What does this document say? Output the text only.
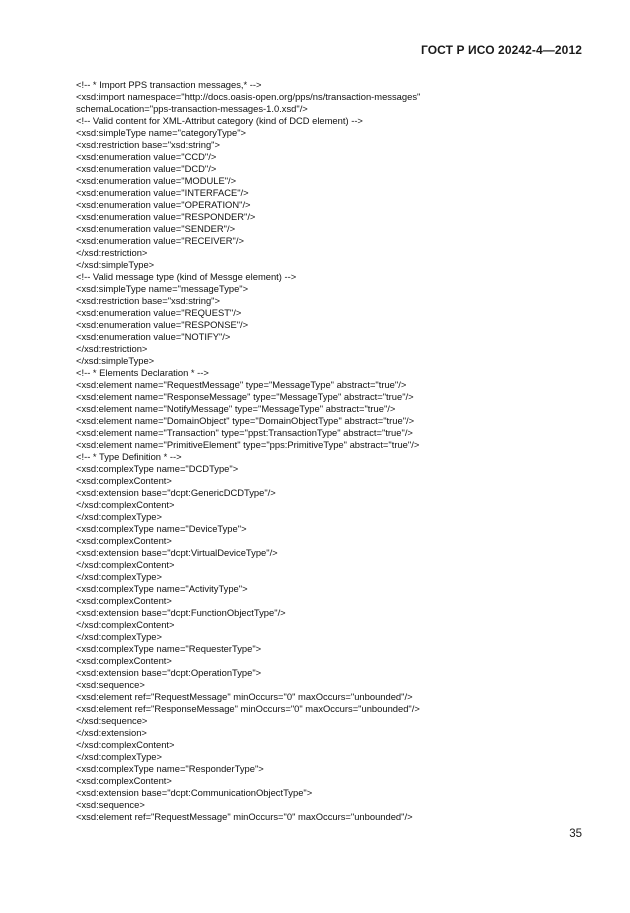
ГОСТ Р ИСО 20242-4—2012
<!-- * Import PPS transaction messages,* -->
<xsd:import namespace="http://docs.oasis-open.org/pps/ns/transaction-messages"
schemaLocation="pps-transaction-messages-1.0.xsd"/>
<!-- Valid content for XML-Attribut category (kind of DCD element) -->
<xsd:simpleType name="categoryType">
<xsd:restriction base="xsd:string">
<xsd:enumeration value="CCD"/>
<xsd:enumeration value="DCD"/>
<xsd:enumeration value="MODULE"/>
<xsd:enumeration value="INTERFACE"/>
<xsd:enumeration value="OPERATION"/>
<xsd:enumeration value="RESPONDER"/>
<xsd:enumeration value="SENDER"/>
<xsd:enumeration value="RECEIVER"/>
</xsd:restriction>
</xsd:simpleType>
<!-- Valid message type (kind of Messge element) -->
<xsd:simpleType name="messageType">
<xsd:restriction base="xsd:string">
<xsd:enumeration value="REQUEST"/>
<xsd:enumeration value="RESPONSE"/>
<xsd:enumeration value="NOTIFY"/>
</xsd:restriction>
</xsd:simpleType>
<!-- * Elements Declaration * -->
<xsd:element name="RequestMessage" type="MessageType" abstract="true"/>
<xsd:element name="ResponseMessage" type="MessageType" abstract="true"/>
<xsd:element name="NotifyMessage" type="MessageType" abstract="true"/>
<xsd:element name="DomainObject" type="DomainObjectType" abstract="true"/>
<xsd:element name="Transaction" type="ppst:TransactionType" abstract="true"/>
<xsd:element name="PrimitiveElement" type="pps:PrimitiveType" abstract="true"/>
<!-- * Type Definition * -->
<xsd:complexType name="DCDType">
<xsd:complexContent>
<xsd:extension base="dcpt:GenericDCDType"/>
</xsd:complexContent>
</xsd:complexType>
<xsd:complexType name="DeviceType">
<xsd:complexContent>
<xsd:extension base="dcpt:VirtualDeviceType"/>
</xsd:complexContent>
</xsd:complexType>
<xsd:complexType name="ActivityType">
<xsd:complexContent>
<xsd:extension base="dcpt:FunctionObjectType"/>
</xsd:complexContent>
</xsd:complexType>
<xsd:complexType name="RequesterType">
<xsd:complexContent>
<xsd:extension base="dcpt:OperationType">
<xsd:sequence>
<xsd:element ref="RequestMessage" minOccurs="0" maxOccurs="unbounded"/>
<xsd:element ref="ResponseMessage" minOccurs="0" maxOccurs="unbounded"/>
</xsd:sequence>
</xsd:extension>
</xsd:complexContent>
</xsd:complexType>
<xsd:complexType name="ResponderType">
<xsd:complexContent>
<xsd:extension base="dcpt:CommunicationObjectType">
<xsd:sequence>
<xsd:element ref="RequestMessage" minOccurs="0" maxOccurs="unbounded"/>
35
